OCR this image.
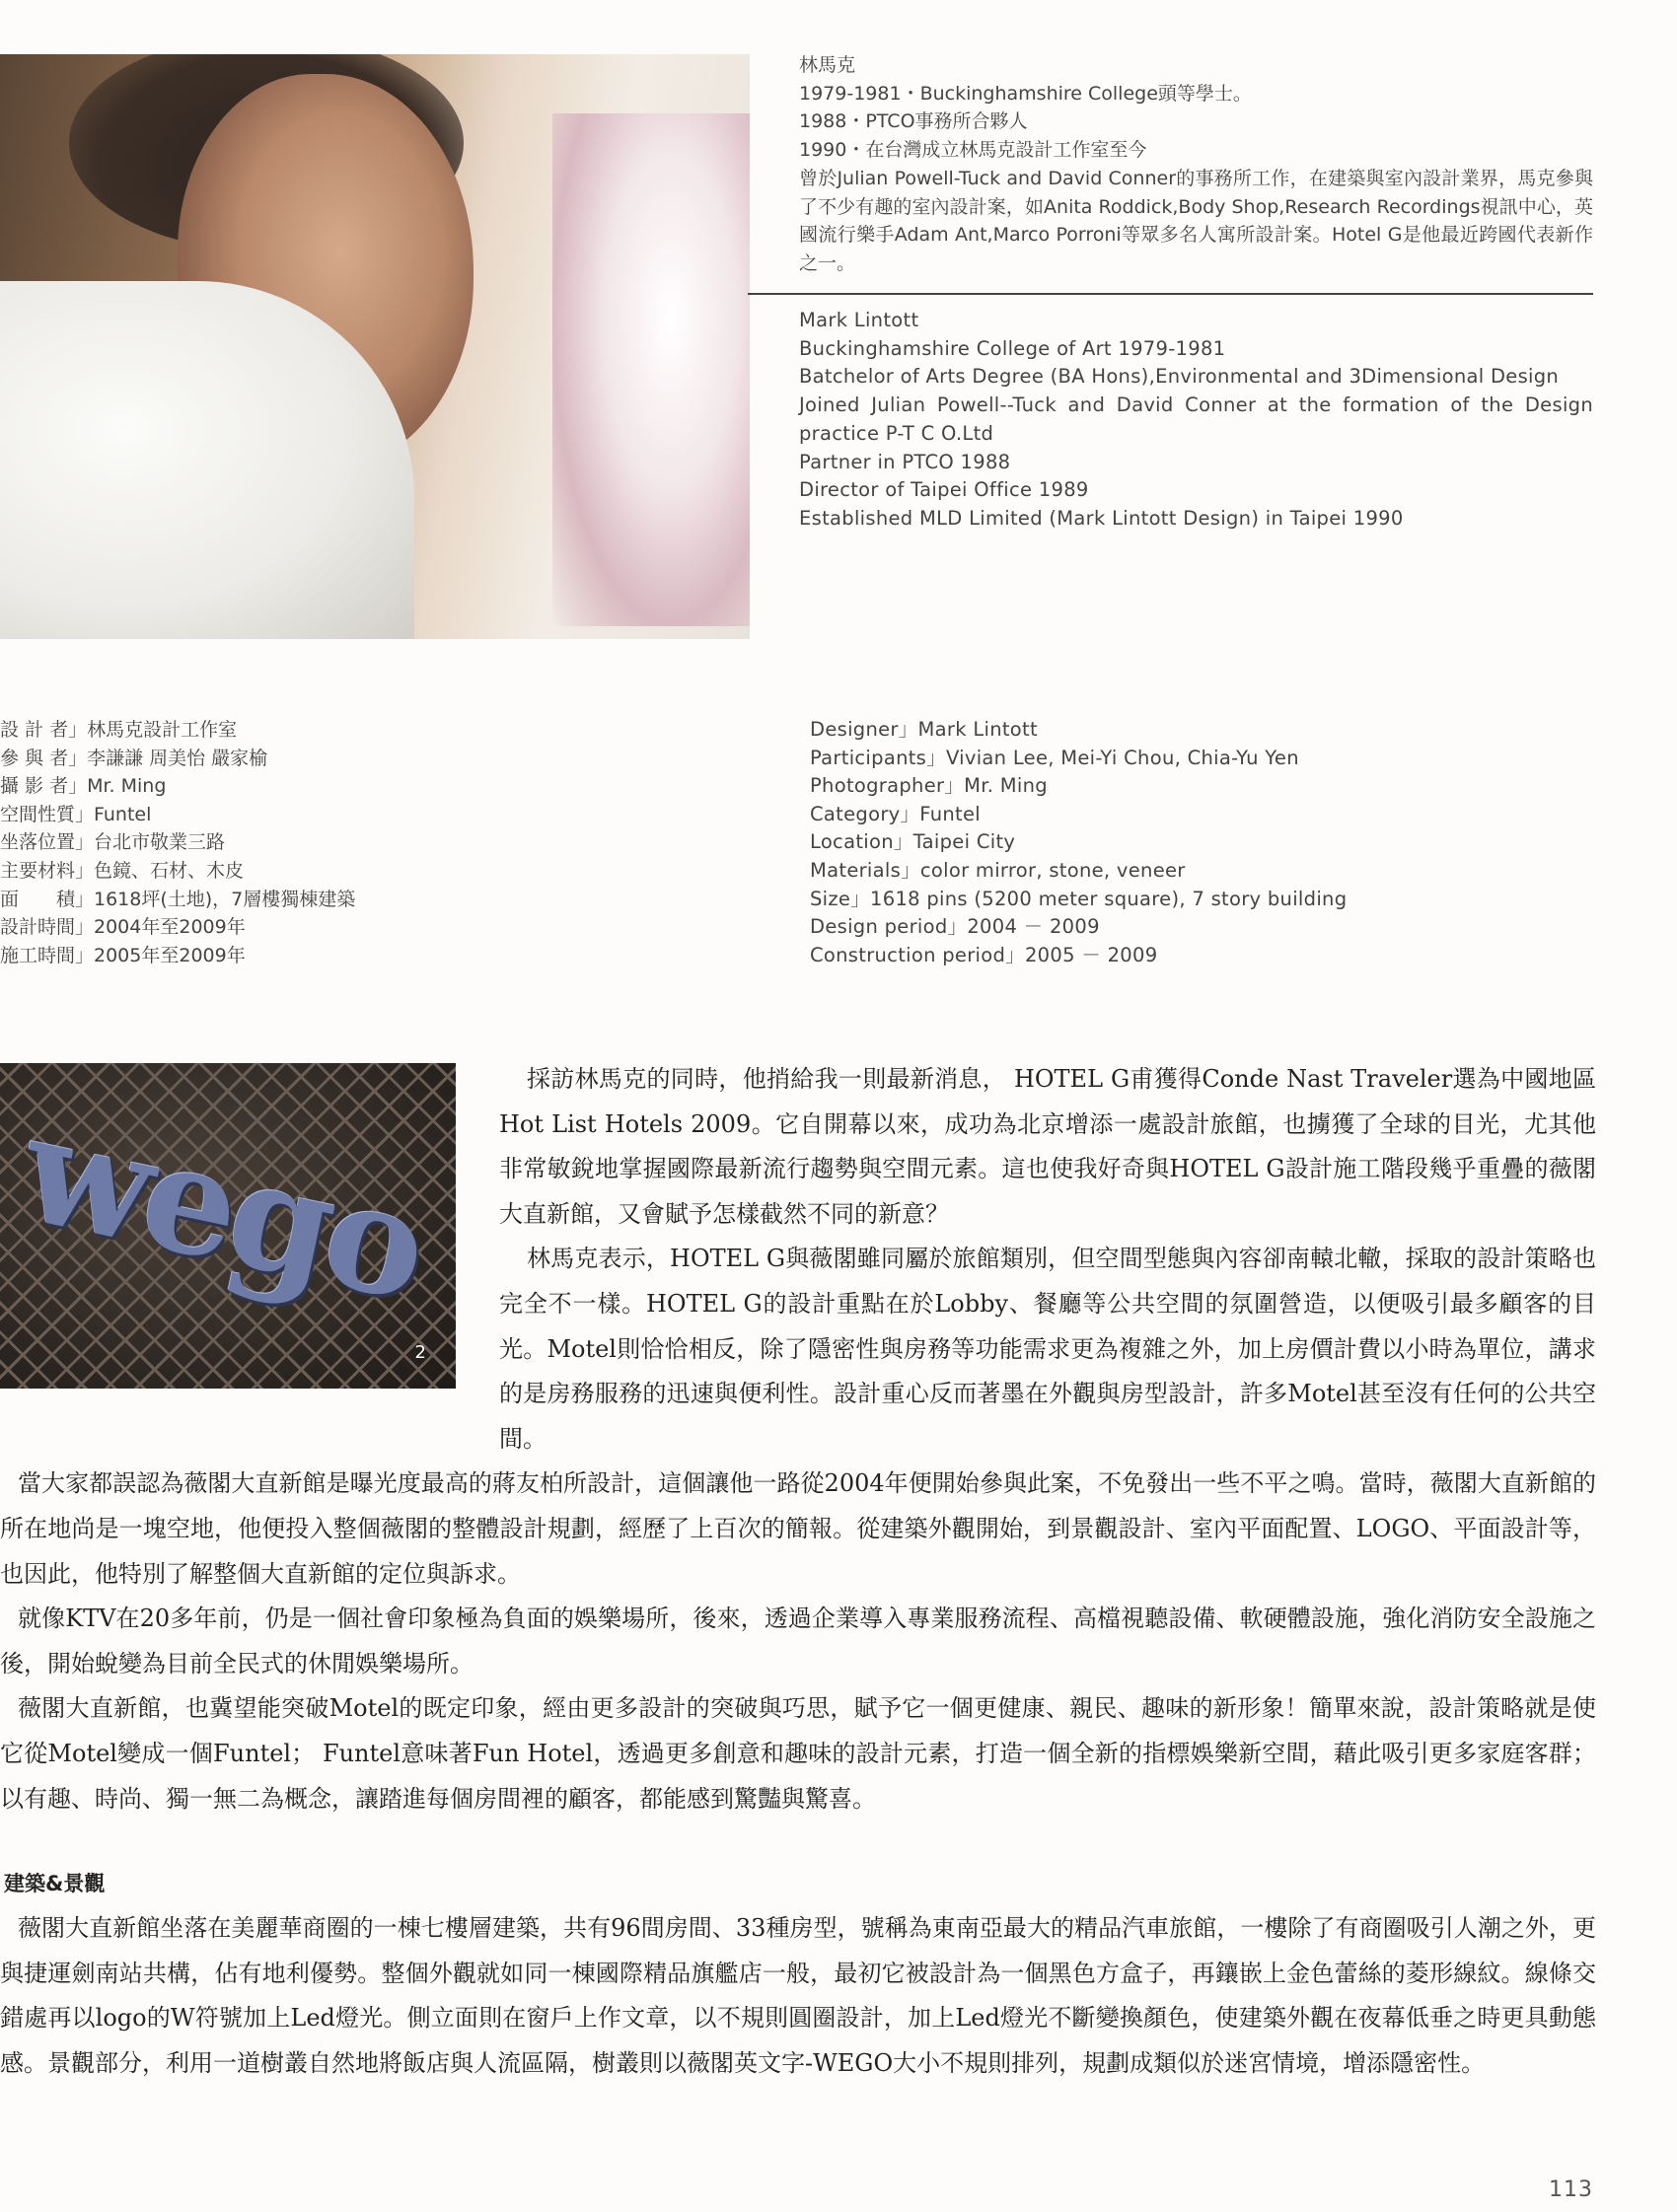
林馬克
1979-1981・Buckinghamshire College頭等學士。
1988・PTCO事務所合夥人
1990・在台灣成立林馬克設計工作室至今
曾於Julian Powell-Tuck and David Conner的事務所工作，在建築與室內設計業界，馬克參與了不少有趣的室內設計案，如Anita Roddick,Body Shop,Research Recordings視訊中心，英國流行樂手Adam Ant,Marco Porroni等眾多名人寓所設計案。Hotel G是他最近跨國代表新作之一。
Mark Lintott
Buckinghamshire College of Art 1979-1981
Batchelor of Arts Degree (BA Hons),Environmental and 3Dimensional Design
Joined Julian Powell--Tuck and David Conner at the formation of the Design practice P-T C O.Ltd
Partner in PTCO 1988
Director of Taipei Office 1989
Established MLD Limited (Mark Lintott Design) in Taipei 1990
設 計 者」林馬克設計工作室
參 與 者」李謙謙 周美怡 嚴家榆
攝 影 者」Mr. Ming
空間性質」Funtel
坐落位置」台北市敬業三路
主要材料」色鏡、石材、木皮
面　　積」1618坪(土地)，7層樓獨棟建築
設計時間」2004年至2009年
施工時間」2005年至2009年
Designer」Mark Lintott
Participants」Vivian Lee, Mei-Yi Chou, Chia-Yu Yen
Photographer」Mr. Ming
Category」Funtel
Location」Taipei City
Materials」color mirror, stone, veneer
Size」1618 pins (5200 meter square), 7 story building
Design period」2004 － 2009
Construction period」2005 － 2009
wego
2

採訪林馬克的同時，他捎給我一則最新消息， HOTEL G甫獲得Conde Nast Traveler選為中國地區Hot List Hotels 2009。它自開幕以來，成功為北京增添一處設計旅館，也擄獲了全球的目光，尤其他非常敏銳地掌握國際最新流行趨勢與空間元素。這也使我好奇與HOTEL G設計施工階段幾乎重疊的薇閣大直新館，又會賦予怎樣截然不同的新意？

林馬克表示，HOTEL G與薇閣雖同屬於旅館類別，但空間型態與內容卻南轅北轍，採取的設計策略也完全不一樣。HOTEL G的設計重點在於Lobby、餐廳等公共空間的氛圍營造，以便吸引最多顧客的目光。Motel則恰恰相反，除了隱密性與房務等功能需求更為複雜之外，加上房價計費以小時為單位，講求的是房務服務的迅速與便利性。設計重心反而著墨在外觀與房型設計，許多Motel甚至沒有任何的公共空間。

當大家都誤認為薇閣大直新館是曝光度最高的蔣友柏所設計，這個讓他一路從2004年便開始參與此案，不免發出一些不平之鳴。當時，薇閣大直新館的所在地尚是一塊空地，他便投入整個薇閣的整體設計規劃，經歷了上百次的簡報。從建築外觀開始，到景觀設計、室內平面配置、LOGO、平面設計等，也因此，他特別了解整個大直新館的定位與訴求。

就像KTV在20多年前，仍是一個社會印象極為負面的娛樂場所，後來，透過企業導入專業服務流程、高檔視聽設備、軟硬體設施，強化消防安全設施之後，開始蛻變為目前全民式的休閒娛樂場所。

薇閣大直新館，也冀望能突破Motel的既定印象，經由更多設計的突破與巧思，賦予它一個更健康、親民、趣味的新形象！簡單來說，設計策略就是使它從Motel變成一個Funtel； Funtel意味著Fun Hotel，透過更多創意和趣味的設計元素，打造一個全新的指標娛樂新空間，藉此吸引更多家庭客群；以有趣、時尚、獨一無二為概念，讓踏進每個房間裡的顧客，都能感到驚豔與驚喜。

建築&景觀

薇閣大直新館坐落在美麗華商圈的一棟七樓層建築，共有96間房間、33種房型，號稱為東南亞最大的精品汽車旅館，一樓除了有商圈吸引人潮之外，更與捷運劍南站共構，佔有地利優勢。整個外觀就如同一棟國際精品旗艦店一般，最初它被設計為一個黑色方盒子，再鑲嵌上金色蕾絲的菱形線紋。線條交錯處再以logo的W符號加上Led燈光。側立面則在窗戶上作文章，以不規則圓圈設計，加上Led燈光不斷變換顏色，使建築外觀在夜幕低垂之時更具動態感。景觀部分，利用一道樹叢自然地將飯店與人流區隔，樹叢則以薇閣英文字-WEGO大小不規則排列，規劃成類似於迷宮情境，增添隱密性。

113
